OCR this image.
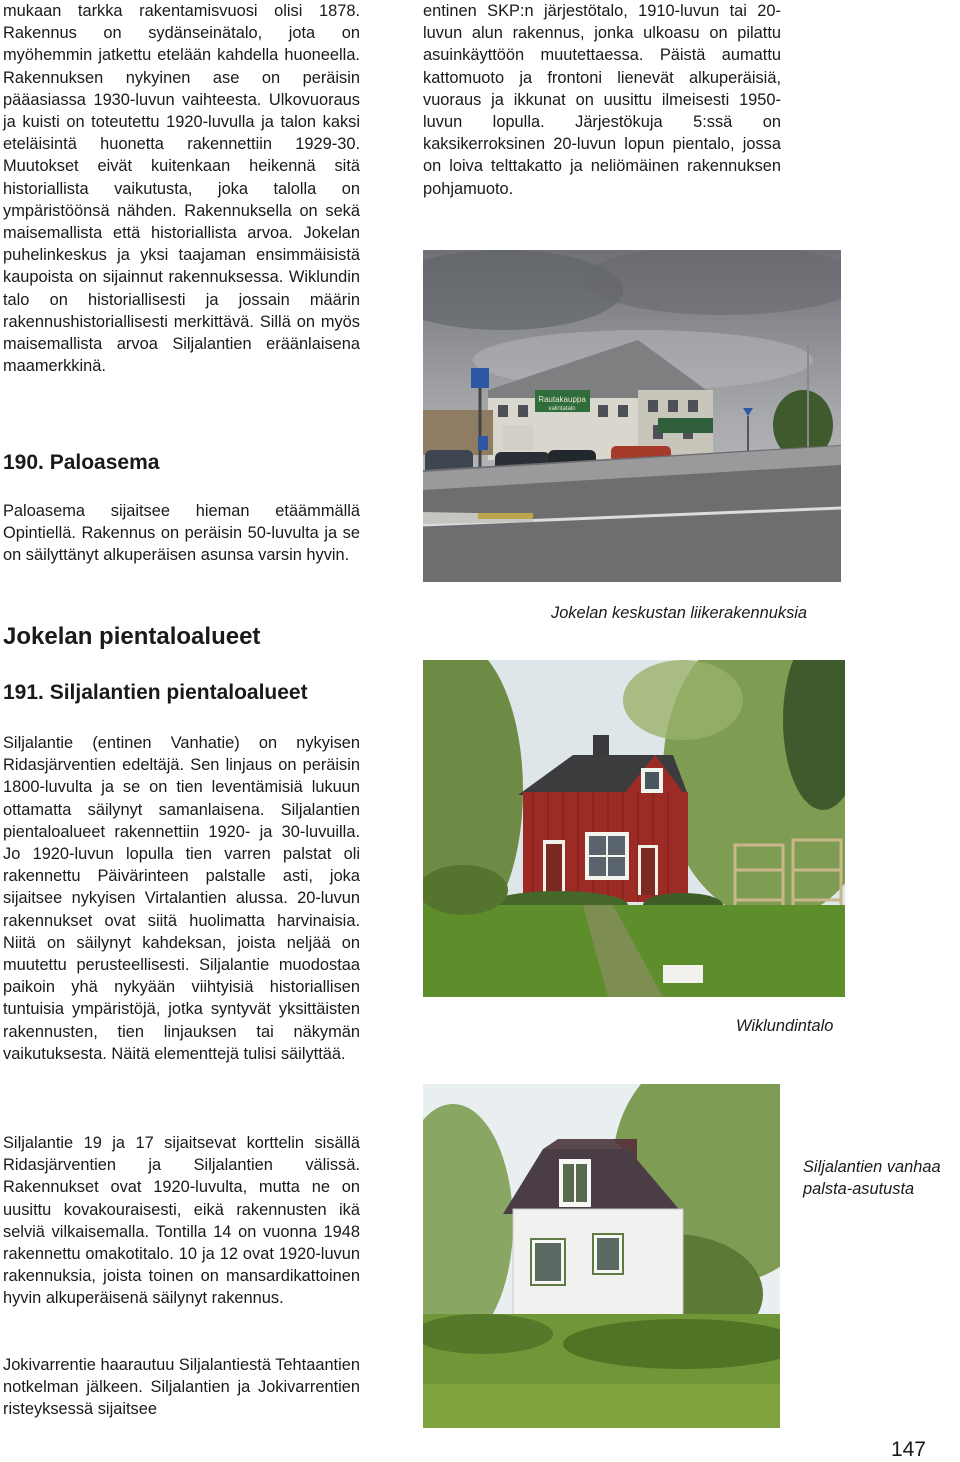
mukaan tarkka rakentamisvuosi olisi 1878. Rakennus on sydänseinätalo, jota on myöhemmin jatkettu etelään kahdella huoneella. Rakennuksen nykyinen ase on peräisin pääasiassa 1930-luvun vaihteesta. Ulkovuoraus ja kuisti on toteutettu 1920-luvulla ja talon kaksi eteläisintä huonetta rakennettiin 1929-30. Muutokset eivät kuitenkaan heikennä sitä historiallista vaikutusta, joka talolla on ympäristöönsä nähden. Rakennuksella on sekä maisemallista että historiallista arvoa. Jokelan puhelinkeskus ja yksi taajaman ensimmäisistä kaupoista on sijainnut rakennuksessa. Wiklundin talo on historiallisesti ja jossain määrin rakennushistoriallisesti merkittävä. Sillä on myös maisemallista arvoa Siljalantien eräänlaisena maamerkkinä.

190. Paloasema

Paloasema sijaitsee hieman etäämmällä Opintiellä. Rakennus on peräisin 50-luvulta ja se on säilyttänyt alkuperäisen asunsa varsin hyvin.

Jokelan pientaloalueet
191. Siljalantien pientaloalueet

Siljalantie (entinen Vanhatie) on nykyisen Ridasjärventien edeltäjä. Sen linjaus on peräisin 1800-luvulta ja se on tien leventämisiä lukuun ottamatta säilynyt samanlaisena. Siljalantien pientaloalueet rakennettiin 1920- ja 30-luvuilla. Jo 1920-luvun lopulla tien varren palstat oli rakennettu Päivärinteen palstalle asti, joka sijaitsee nykyisen Virtalantien alussa. 20-luvun rakennukset ovat siitä huolimatta harvinaisia. Niitä on säilynyt kahdeksan, joista neljää on muutettu perusteellisesti. Siljalantie muodostaa paikoin yhä nykyään viihtyisiä historiallisen tuntuisia ympäristöjä, jotka syntyvät yksittäisten rakennusten, tien linjauksen tai näkymän vaikutuksesta. Näitä elementtejä tulisi säilyttää.

Siljalantie 19 ja 17 sijaitsevat korttelin sisällä Ridasjärventien ja Siljalantien välissä. Rakennukset ovat 1920-luvulta, mutta ne on uusittu kovakouraisesti, eikä rakennusten ikä selviä vilkaisemalla. Tontilla 14 on vuonna 1948 rakennettu omakotitalo. 10 ja 12 ovat 1920-luvun rakennuksia, joista toinen on mansardikattoinen hyvin alkuperäisenä säilynyt rakennus.

Jokivarrentie haarautuu Siljalantiestä Tehtaantien notkelman jälkeen. Siljalantien ja Jokivarrentien risteyksessä sijaitsee

entinen SKP:n järjestötalo, 1910-luvun tai 20-luvun alun rakennus, jonka ulkoasu on pilattu asuinkäyttöön muutettaessa. Päistä aumattu kattomuoto ja frontoni lienevät alkuperäisiä, vuoraus ja ikkunat on uusittu ilmeisesti 1950-luvun lopulla. Järjestökuja 5:ssä on kaksikerroksinen 20-luvun lopun pientalo, jossa on loiva telttakatto ja neliömäinen rakennuksen pohjamuoto.

Rautakauppa
valintatalo

Jokelan keskustan liikerakennuksia

Wiklundintalo

Siljalantien vanhaa palsta-asutusta

147
